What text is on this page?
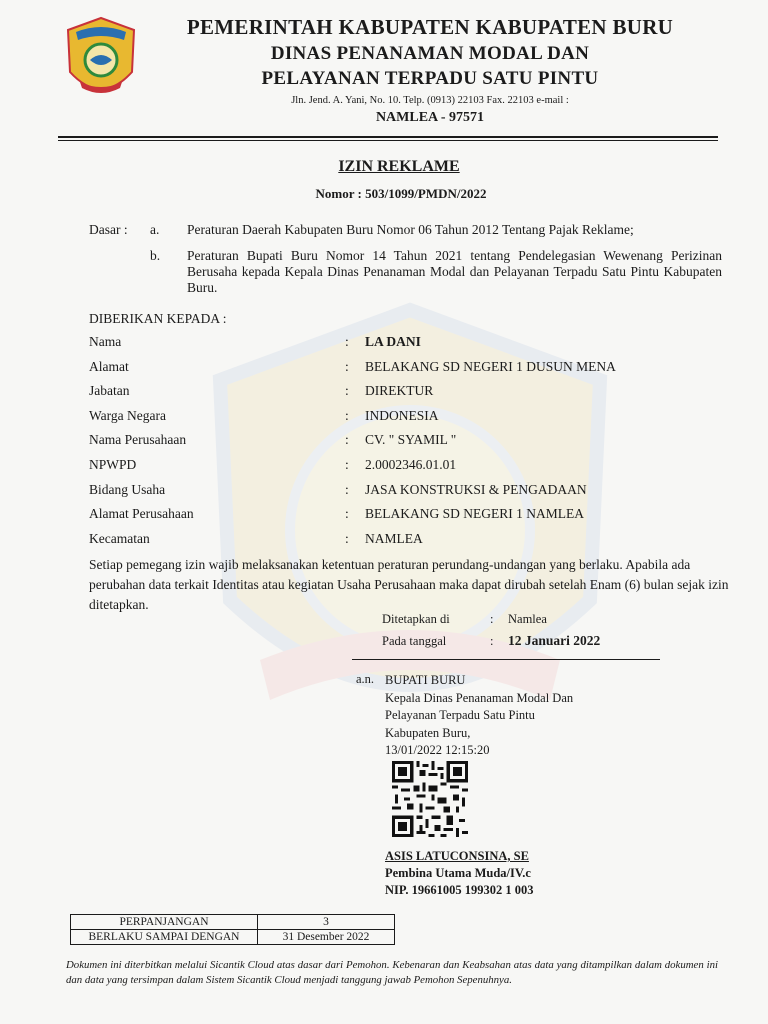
PEMERINTAH KABUPATEN KABUPATEN BURU
DINAS PENANAMAN MODAL DAN
PELAYANAN TERPADU SATU PINTU
Jln. Jend. A. Yani, No. 10. Telp. (0913) 22103 Fax. 22103 e-mail :
NAMLEA - 97571
IZIN REKLAME
Nomor : 503/1099/PMDN/2022
Dasar : a. Peraturan Daerah Kabupaten Buru Nomor 06 Tahun 2012 Tentang Pajak Reklame;
b. Peraturan Bupati Buru Nomor 14 Tahun 2021 tentang Pendelegasian Wewenang Perizinan Berusaha kepada Kepala Dinas Penanaman Modal dan Pelayanan Terpadu Satu Pintu Kabupaten Buru.
DIBERIKAN KEPADA :
Nama	: LA DANI
Alamat	: BELAKANG SD NEGERI 1 DUSUN MENA
Jabatan	: DIREKTUR
Warga Negara	: INDONESIA
Nama Perusahaan	: CV. " SYAMIL "
NPWPD	: 2.0002346.01.01
Bidang Usaha	: JASA KONSTRUKSI & PENGADAAN
Alamat Perusahaan	: BELAKANG SD NEGERI 1 NAMLEA
Kecamatan	: NAMLEA
Setiap pemegang izin wajib melaksanakan ketentuan peraturan perundang-undangan yang berlaku. Apabila ada perubahan data terkait Identitas atau kegiatan Usaha Perusahaan maka dapat dirubah setelah Enam (6) bulan sejak izin ditetapkan.
Ditetapkan di	: Namlea
Pada tanggal	: 12 Januari 2022
a.n. BUPATI BURU
Kepala Dinas Penanaman Modal Dan
Pelayanan Terpadu Satu Pintu
Kabupaten Buru,
13/01/2022 12:15:20
ASIS LATUCONSINA, SE
Pembina Utama Muda/IV.c
NIP. 19661005 199302 1 003
PERPANJANGAN	3
BERLAKU SAMPAI DENGAN	31 Desember 2022
Dokumen ini diterbitkan melalui Sicantik Cloud atas dasar dari Pemohon. Kebenaran dan Keabsahan atas data yang ditampilkan dalam dokumen ini dan data yang tersimpan dalam Sistem Sicantik Cloud menjadi tanggung jawab Pemohon Sepenuhnya.
